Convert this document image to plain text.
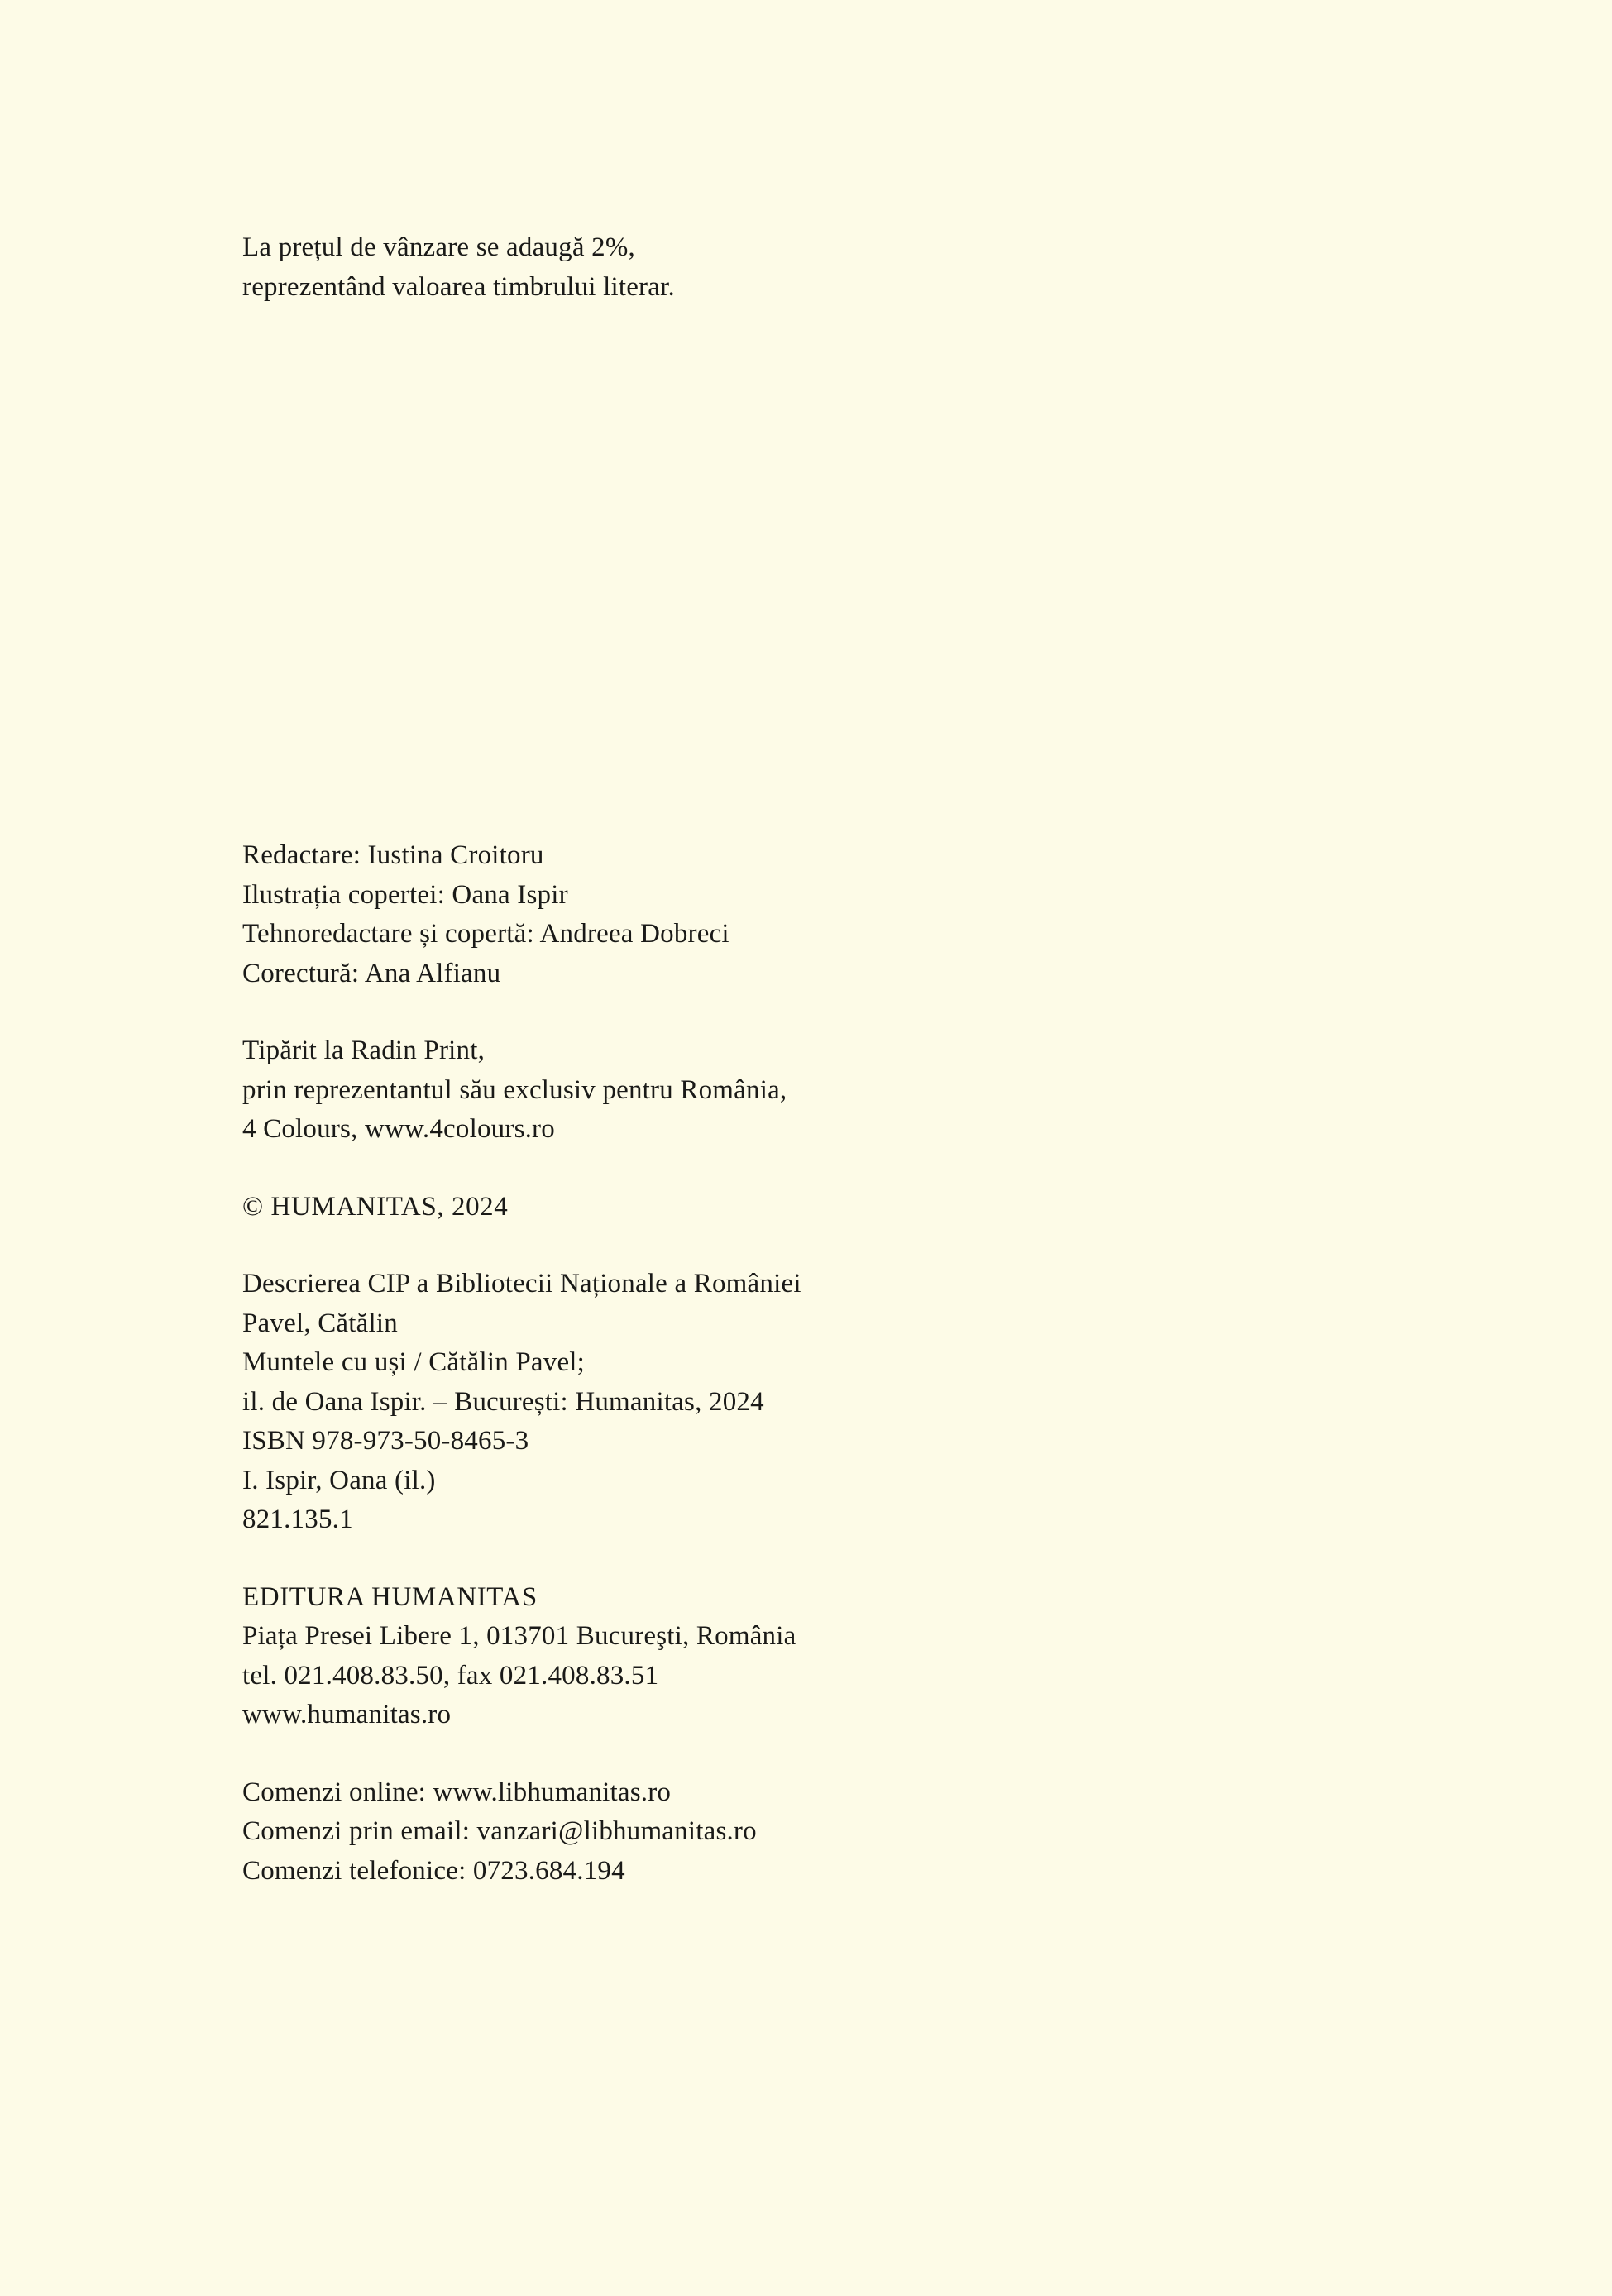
La prețul de vânzare se adaugă 2%,
reprezentând valoarea timbrului literar.
Redactare: Iustina Croitoru
Ilustrația copertei: Oana Ispir
Tehnoredactare și copertă: Andreea Dobreci
Corectură: Ana Alfianu
Tipărit la Radin Print,
prin reprezentantul său exclusiv pentru România,
4 Colours, www.4colours.ro
© HUMANITAS, 2024
Descrierea CIP a Bibliotecii Naționale a României
Pavel, Cătălin
Muntele cu uși / Cătălin Pavel;
il. de Oana Ispir. – București: Humanitas, 2024
ISBN 978-973-50-8465-3
I. Ispir, Oana (il.)
821.135.1
EDITURA HUMANITAS
Piața Presei Libere 1, 013701 Bucureşti, România
tel. 021.408.83.50, fax 021.408.83.51
www.humanitas.ro
Comenzi online: www.libhumanitas.ro
Comenzi prin email: vanzari@libhumanitas.ro
Comenzi telefonice: 0723.684.194
